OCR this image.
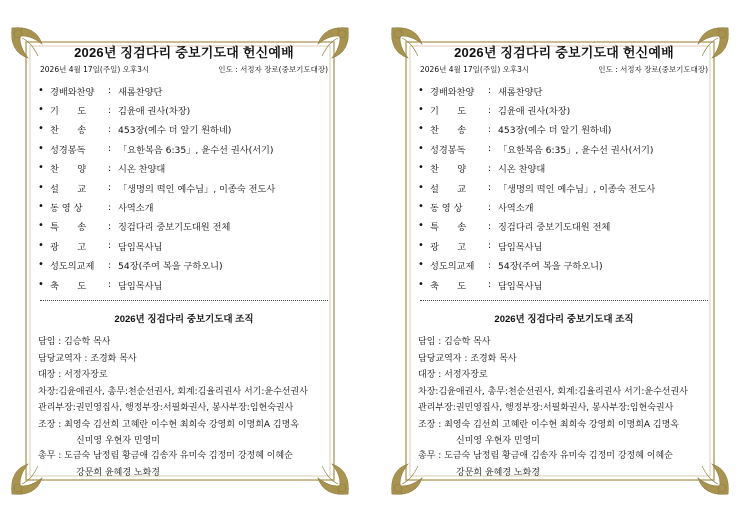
2026년 징검다리 중보기도대 헌신예배
2026년 4월 17일(주일) 오후3시	인도 : 서정자 장로(중보기도대장)
• 경배와찬양	: 새롬찬양단
• 기　　도	: 김윤애 권사(차장)
• 찬　　송	: 453장(예수 더 알기 원하네)
• 성경봉독	: 「요한복음 6:35」, 윤수선 권사(서기)
• 찬　　양	: 시온 찬양대
• 설　　교	: 「생명의 떡인 예수님」, 이종숙 전도사
• 동 영 상	: 사역소개
• 특　　송	: 징검다리 중보기도대원 전체
• 광　　고	: 담임목사님
• 성도의교제	: 54장(주여 복을 구하오니)
• 축　　도	: 담임목사님
2026년 징검다리 중보기도대 조직
담임 : 김승학 목사
담당교역자 : 조경화 목사
대장 : 서정자장로
차장 : 김윤애권사, 총무:천순선권사, 회계:김율리권사 서기:윤수선권사
관리부장 : 권민영집사, 행정부장:서필화권사, 봉사부장:임현숙권사
조장 : 최영숙 김선희 고혜란 이수현 최희숙 강영희 이명희A 김명옥
신미영 우현자 민영미
총무 : 도금숙 남정림 황금애 김송자 유미숙 김정미 강정혜 이혜순
강문희 윤혜경 노화경
2026년 징검다리 중보기도대 헌신예배
2026년 4월 17일(주일) 오후3시	인도 : 서정자 장로(중보기도대장)
• 경배와찬양	: 새롬찬양단
• 기　　도	: 김윤애 권사(차장)
• 찬　　송	: 453장(예수 더 알기 원하네)
• 성경봉독	: 「요한복음 6:35」, 윤수선 권사(서기)
• 찬　　양	: 시온 찬양대
• 설　　교	: 「생명의 떡인 예수님」, 이종숙 전도사
• 동 영 상	: 사역소개
• 특　　송	: 징검다리 중보기도대원 전체
• 광　　고	: 담임목사님
• 성도의교제	: 54장(주여 복을 구하오니)
• 축　　도	: 담임목사님
2026년 징검다리 중보기도대 조직
담임 : 김승학 목사
담당교역자 : 조경화 목사
대장 : 서정자장로
차장 : 김윤애권사, 총무:천순선권사, 회계:김율리권사 서기:윤수선권사
관리부장 : 권민영집사, 행정부장:서필화권사, 봉사부장:임현숙권사
조장 : 최영숙 김선희 고혜란 이수현 최희숙 강영희 이명희A 김명옥
신미영 우현자 민영미
총무 : 도금숙 남정림 황금애 김송자 유미숙 김정미 강정혜 이혜순
강문희 윤혜경 노화경
